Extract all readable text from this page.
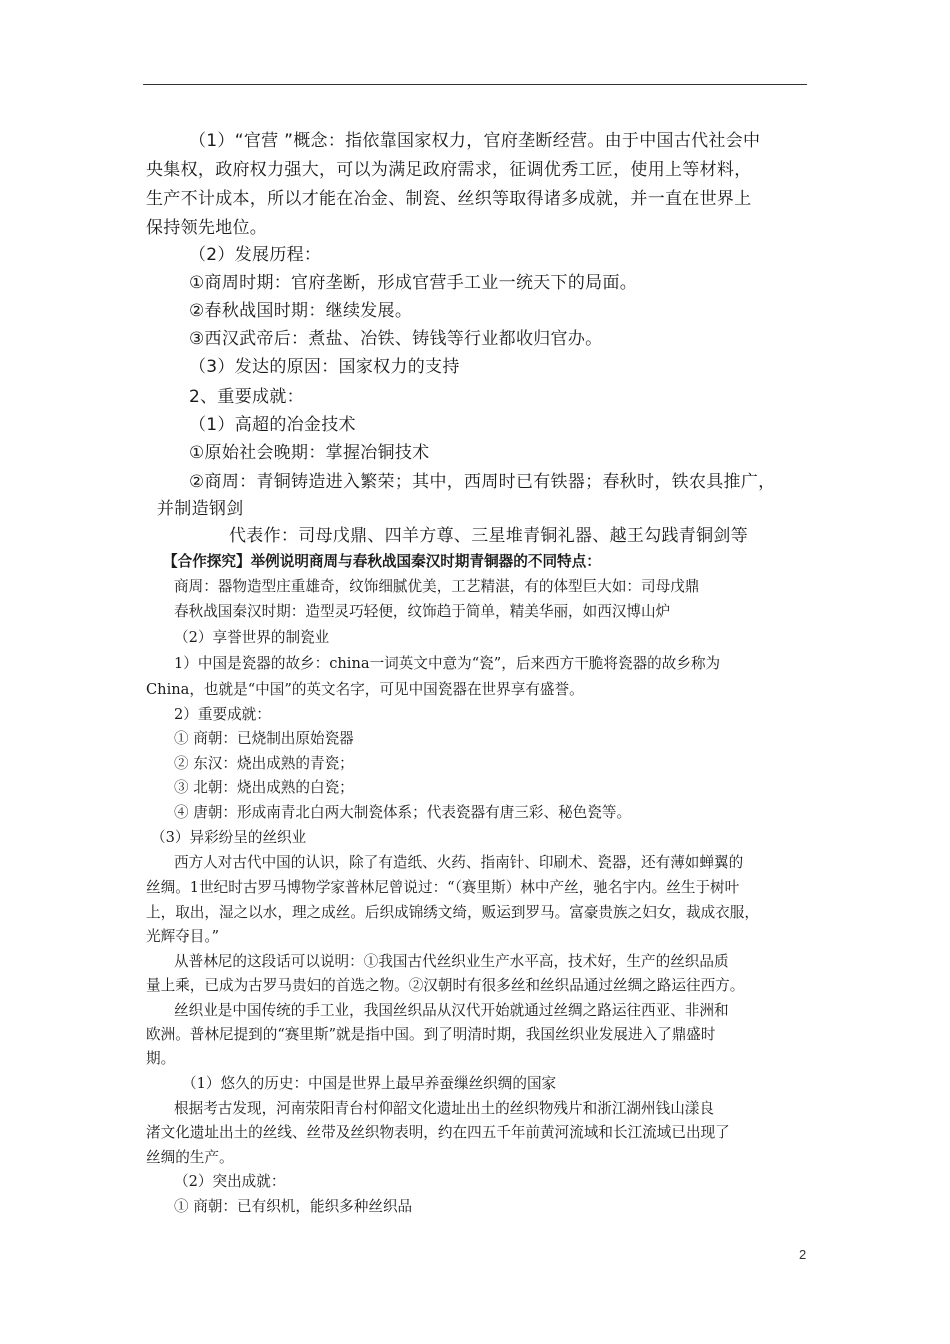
（1）“官营 ”概念：指依靠国家权力，官府垄断经营。由于中国古代社会中
央集权，政府权力强大，可以为满足政府需求，征调优秀工匠，使用上等材料，
生产不计成本，所以才能在冶金、制瓷、丝织等取得诸多成就，并一直在世界上
保持领先地位。
（2）发展历程：
①商周时期：官府垄断，形成官营手工业一统天下的局面。
②春秋战国时期：继续发展。
③西汉武帝后：煮盐、冶铁、铸钱等行业都收归官办。
（3）发达的原因：国家权力的支持
2、重要成就：
（1）高超的冶金技术
①原始社会晚期：掌握冶铜技术
②商周：青铜铸造进入繁荣；其中，西周时已有铁器；春秋时，铁农具推广，
并制造钢剑
代表作：司母戊鼎、四羊方尊、三星堆青铜礼器、越王勾践青铜剑等
【合作探究】举例说明商周与春秋战国秦汉时期青铜器的不同特点：
商周：器物造型庄重雄奇，纹饰细腻优美，工艺精湛，有的体型巨大如：司母戊鼎
春秋战国秦汉时期：造型灵巧轻便，纹饰趋于简单，精美华丽，如西汉博山炉
（2）享誉世界的制瓷业
1）中国是瓷器的故乡：china一词英文中意为“瓷”，后来西方干脆将瓷器的故乡称为
China，也就是“中国”的英文名字，可见中国瓷器在世界享有盛誉。
2）重要成就：
① 商朝：已烧制出原始瓷器
② 东汉：烧出成熟的青瓷；
③ 北朝：烧出成熟的白瓷；
④ 唐朝：形成南青北白两大制瓷体系；代表瓷器有唐三彩、秘色瓷等。
（3）异彩纷呈的丝织业
西方人对古代中国的认识，除了有造纸、火药、指南针、印刷术、瓷器，还有薄如蝉翼的
丝绸。1世纪时古罗马博物学家普林尼曾说过：“（赛里斯）林中产丝，驰名宇内。丝生于树叶
上，取出，湿之以水，理之成丝。后织成锦绣文绮，贩运到罗马。富豪贵族之妇女，裁成衣服，
光辉夺目。”
从普林尼的这段话可以说明：①我国古代丝织业生产水平高，技术好，生产的丝织品质
量上乘，已成为古罗马贵妇的首选之物。②汉朝时有很多丝和丝织品通过丝绸之路运往西方。
丝织业是中国传统的手工业，我国丝织品从汉代开始就通过丝绸之路运往西亚、非洲和
欧洲。普林尼提到的“赛里斯”就是指中国。到了明清时期，我国丝织业发展进入了鼎盛时
期。
（1）悠久的历史：中国是世界上最早养蚕缫丝织绸的国家
根据考古发现，河南荥阳青台村仰韶文化遗址出土的丝织物残片和浙江湖州钱山漾良
渚文化遗址出土的丝线、丝带及丝织物表明，约在四五千年前黄河流域和长江流域已出现了
丝绸的生产。
（2）突出成就：
① 商朝：已有织机，能织多种丝织品
2
